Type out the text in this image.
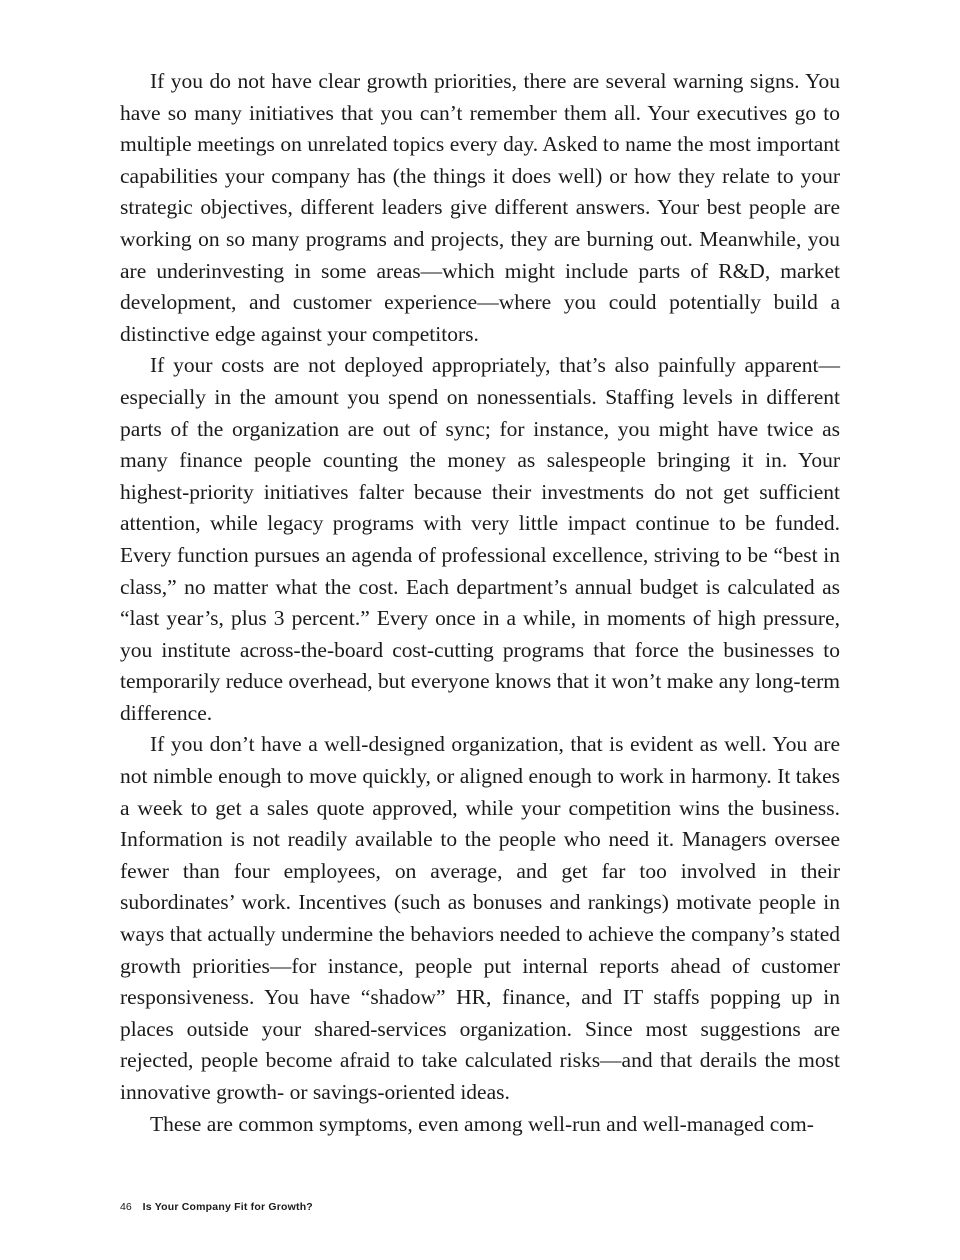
If you do not have clear growth priorities, there are several warning signs. You have so many initiatives that you can’t remember them all. Your executives go to multiple meetings on unrelated topics every day. Asked to name the most important capabilities your company has (the things it does well) or how they relate to your strategic objectives, different leaders give different answers. Your best people are working on so many programs and projects, they are burning out. Meanwhile, you are underinvesting in some areas—which might include parts of R&D, market development, and customer experience—where you could potentially build a distinctive edge against your competitors.

If your costs are not deployed appropriately, that’s also painfully apparent— especially in the amount you spend on nonessentials. Staffing levels in different parts of the organization are out of sync; for instance, you might have twice as many finance people counting the money as salespeople bringing it in. Your highest-priority initiatives falter because their investments do not get sufficient attention, while legacy programs with very little impact continue to be funded. Every function pursues an agenda of professional excellence, striving to be “best in class,” no matter what the cost. Each department’s annual budget is calculated as “last year’s, plus 3 percent.” Every once in a while, in moments of high pressure, you institute across-the-board cost-cutting programs that force the businesses to temporarily reduce overhead, but everyone knows that it won’t make any long-term difference.

If you don’t have a well-designed organization, that is evident as well. You are not nimble enough to move quickly, or aligned enough to work in harmony. It takes a week to get a sales quote approved, while your competition wins the business. Information is not readily available to the people who need it. Managers oversee fewer than four employees, on average, and get far too involved in their subordinates’ work. Incentives (such as bonuses and rankings) motivate people in ways that actually undermine the behaviors needed to achieve the company’s stated growth priorities—for instance, people put internal reports ahead of customer responsiveness. You have “shadow” HR, finance, and IT staffs popping up in places outside your shared-services organization. Since most suggestions are rejected, people become afraid to take calculated risks—and that derails the most innovative growth- or savings-oriented ideas.

These are common symptoms, even among well-run and well-managed com-

46 Is Your Company Fit for Growth?
